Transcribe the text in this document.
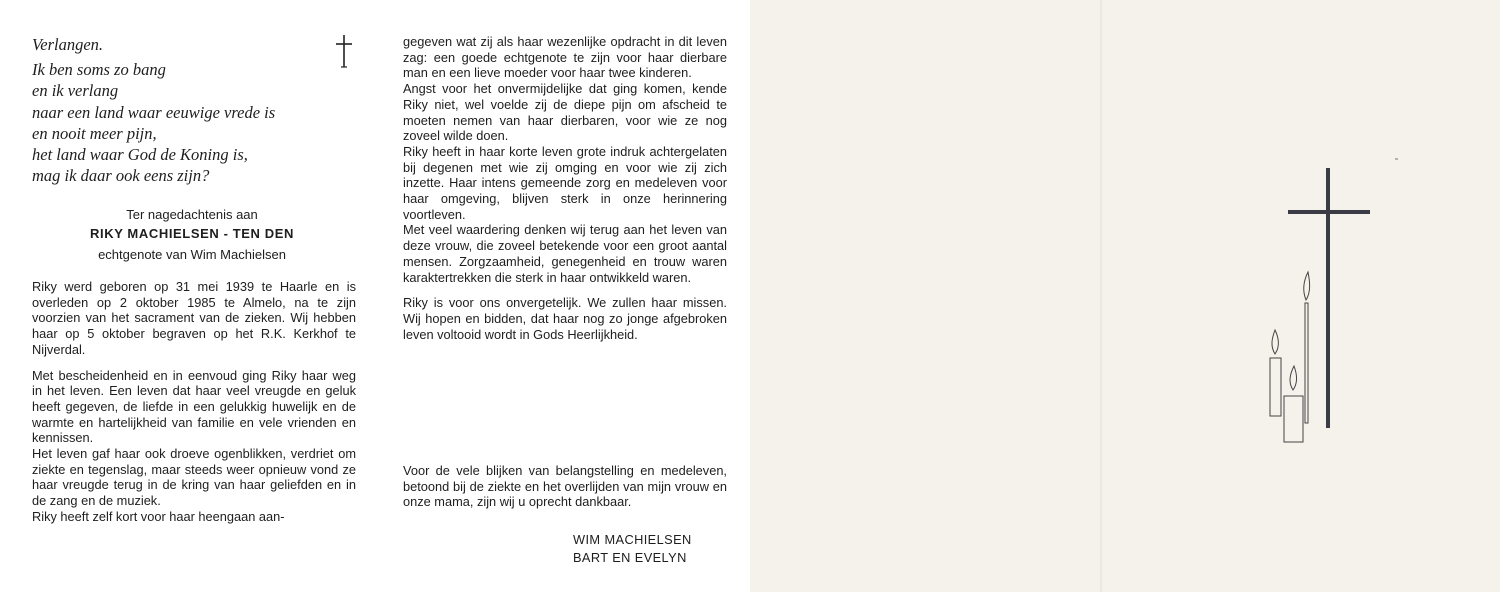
Verlangen.
Ik ben soms zo bang
en ik verlang
naar een land waar eeuwige vrede is
en nooit meer pijn,
het land waar God de Koning is,
mag ik daar ook eens zijn?
Ter nagedachtenis aan
RIKY MACHIELSEN - TEN DEN
echtgenote van Wim Machielsen
Riky werd geboren op 31 mei 1939 te Haarle en is overleden op 2 oktober 1985 te Almelo, na te zijn voorzien van het sacrament van de zieken. Wij hebben haar op 5 oktober begraven op het R.K. Kerkhof te Nijverdal.
Met bescheidenheid en in eenvoud ging Riky haar weg in het leven. Een leven dat haar veel vreugde en geluk heeft gegeven, de liefde in een gelukkig huwelijk en de warmte en hartelijkheid van familie en vele vrienden en kennissen.
Het leven gaf haar ook droeve ogenblikken, verdriet om ziekte en tegenslag, maar steeds weer opnieuw vond ze haar vreugde terug in de kring van haar geliefden en in de zang en de muziek.
Riky heeft zelf kort voor haar heengaan aan-
gegeven wat zij als haar wezenlijke opdracht in dit leven zag: een goede echtgenote te zijn voor haar dierbare man en een lieve moeder voor haar twee kinderen.
Angst voor het onvermijdelijke dat ging komen, kende Riky niet, wel voelde zij de diepe pijn om afscheid te moeten nemen van haar dierbaren, voor wie ze nog zoveel wilde doen.
Riky heeft in haar korte leven grote indruk achtergelaten bij degenen met wie zij omging en voor wie zij zich inzette. Haar intens gemeende zorg en medeleven voor haar omgeving, blijven sterk in onze herinnering voortleven.
Met veel waardering denken wij terug aan het leven van deze vrouw, die zoveel betekende voor een groot aantal mensen. Zorgzaamheid, genegenheid en trouw waren karaktertrekken die sterk in haar ontwikkeld waren.
Riky is voor ons onvergetelijk. We zullen haar missen. Wij hopen en bidden, dat haar nog zo jonge afgebroken leven voltooid wordt in Gods Heerlijkheid.
Voor de vele blijken van belangstelling en medeleven, betoond bij de ziekte en het overlijden van mijn vrouw en onze mama, zijn wij u oprecht dankbaar.
WIM MACHIELSEN
BART EN EVELYN
